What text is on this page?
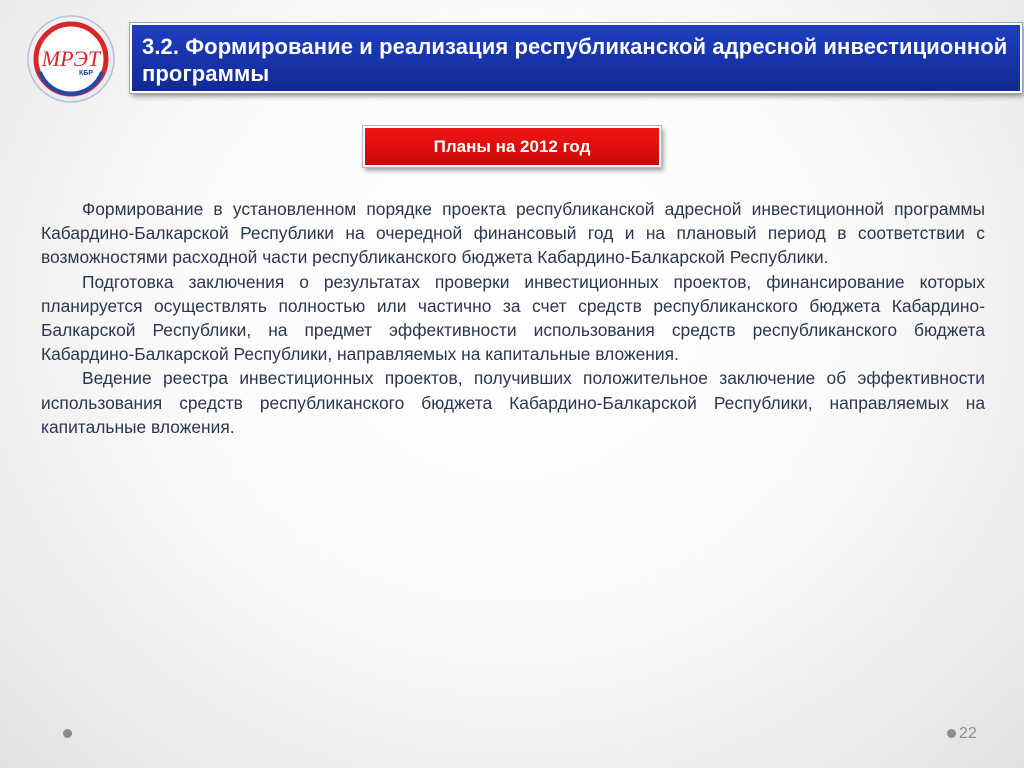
МРЭТ
КБР
3.2. Формирование и реализация республиканской адресной инвестиционной программы
Планы на 2012 год

Формирование в установленном порядке проекта республиканской адресной инвестиционной программы Кабардино-Балкарской Республики на очередной финансовый год и на плановый период в соответствии с возможностями расходной части республиканского бюджета Кабардино-Балкарской Республики.

Подготовка заключения о результатах проверки инвестиционных проектов, финансирование которых планируется осуществлять полностью или частично за счет средств республиканского бюджета Кабардино-Балкарской Республики, на предмет эффективности использования средств республиканского бюджета Кабардино-Балкарской Республики, направляемых на капитальные вложения.

Ведение реестра инвестиционных проектов, получивших положительное заключение об эффективности использования средств республиканского бюджета Кабардино-Балкарской Республики, направляемых на капитальные вложения.

22
